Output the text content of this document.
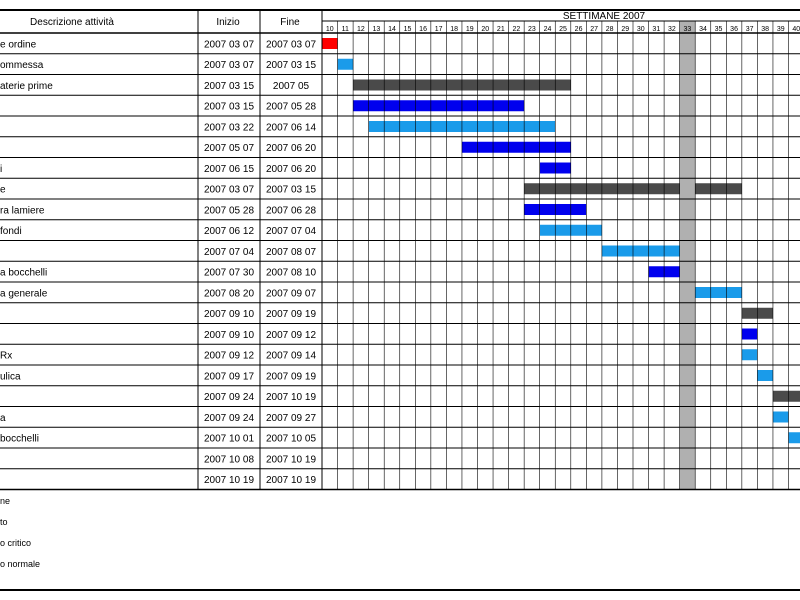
Descrizione attività	Inizio	Fine
SETTIMANE 2007
10 11 12 13 14 15 16 17 18 19 20 21 22 23 24 25 26 27 28 29 30 31 32 33 34 35 36 37 38 39 40
e ordine	2007 03 07 2007 03 07
ommessa	2007 03 07 2007 03 15
aterie prime	2007 03 15 2007 05
2007 03 15 2007 05 28
2007 03 22 2007 06 14
2007 05 07 2007 06 20
i	2007 06 15 2007 06 20
e	2007 03 07 2007 03 15
ra lamiere	2007 05 28 2007 06 28
fondi	2007 06 12 2007 07 04
2007 07 04 2007 08 07
a bocchelli	2007 07 30 2007 08 10
a generale	2007 08 20 2007 09 07
2007 09 10 2007 09 19
2007 09 10 2007 09 12
Rx	2007 09 12 2007 09 14
ulica	2007 09 17 2007 09 19
2007 09 24 2007 10 19
a	2007 09 24 2007 09 27
bocchelli	2007 10 01 2007 10 05
2007 10 08 2007 10 19
2007 10 19 2007 10 19
ne
to
o critico
o normale
